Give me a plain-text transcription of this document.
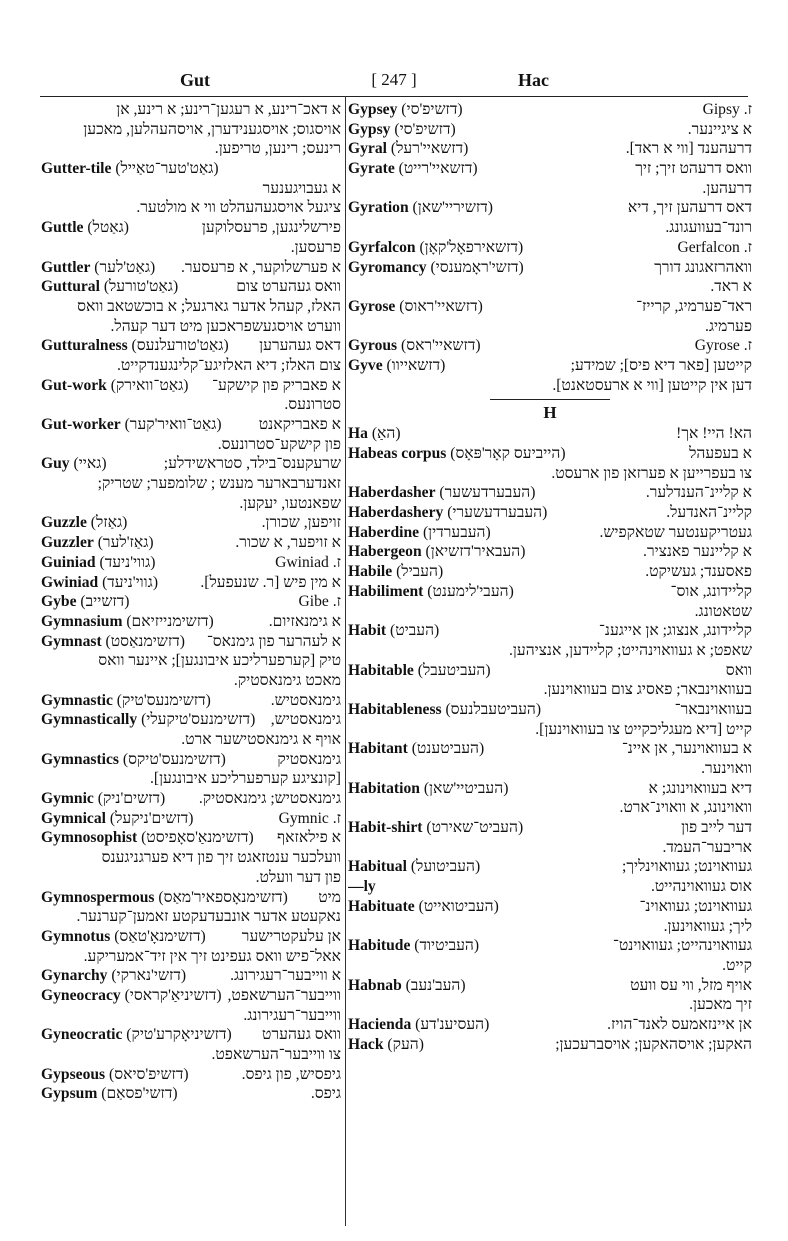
Gut	[ 247 ]	Hac
א דאכ־רינע, א רעגען־רינע; א רינע, אן
אויסגוס; אויסגענידערן, אויסהעהלען, מאכען
רינעס; רינען, טריפען.
Gutter-tile (גאַט'טער־טאַייל)
א געבויגענער
ציגעל אויסגעהעהלט ווי א מולטער.
Guttle (גאַטל)	פירשלינגען, פרעסלוקען
פרעסען.
Guttler (גאַט'לער) א פערשלוקער, א פרעסער.
Guttural (גאַט'טורעל)	וואס געהערט צום
האלז, קעהל אדער גארגעל; א בוכשטאב וואס
ווערט אויסגעשפראכען מיט דער קעהל.
Gutturalness (גאַט'טורעלנעס) דאס געהערען
צום האלז; דיא האלזיגע־קלינגענדקייט.
Gut-work (גאַט־וואירק) א פאבריק פון קישקע־
סטרונעס.
Gut-worker (גאַט־וואיר'קער) א פאבריקאנט
פון קישקע־סטרונעס.
Guy (גאיי)	שרעקענס־בילד, סטראשידלע;
זאנדערבארער מענש ; שלומפער; שטריק;
שפאנטעו, יעקען.
Guzzle (גאַזל)	זויפען, שכורן.
Guzzler (גאַז'לער)	א זויפער, א שכור.
Guiniad (גווי'ניעד)	ז. Gwiniad
Gwiniad (גווי'ניעד)	א מין פיש [ר. שנעפעל].
Gybe (דזשייב)	ז. Gibe
Gymnasium (דזשימנייזיאם)	א גימנאזיום.
Gymnast (דזשימנאַסט) א לעהרער פון גימנאס־
טיק [קערפערליכע איבונגען]; איינער וואס
מאכט גימנאסטיק.
Gymnastic (דזשימנעס'טיק)	גימנאסטיש.
Gymnastically (דזשימנעס'טיקעלי) גימנאסטיש,
אויף א גימנאסטישער ארט.
Gymnastics (דזשימנעס'טיקס)	גימנאסטיק
[קונציגע קערפערליכע איבונגען].
Gymnic (דזשים'ניק) גימנאסטיש; גימנאסטיק.
Gymnical (דזשים'ניקעל)	ז. Gymnic
Gymnosophist (דזשימנאַ'סאָפיסט) א פילאזאף
וועלכער ענטזאגט זיך פון דיא פערגניגענס
פון דער וועלט.
Gymnospermous (דזשימנאָספאיר'מאַס) מיט
נאקעטע אדער אונבעדעקטע זאמען־קערנער.
Gymnotus (דזשימנאָ'טאַס) אן עלעקטרישער
אאל־פיש וואס געפינט זיך אין זיד־אמעריקע.
Gynarchy (דזשי'נארקי)	א ווייבער־רעגירונג.
Gyneocracy (דזשיניאַ'קראסי) ווייבער־הערשאפט,
ווייבער־רעגירונג.
Gyneocratic (דזשיניאָקרע'טיק) וואס געהערט
צו ווייבער־הערשאפט.
Gypseous (דזשיפ'סיאס)	גיפסיש, פון גיפס.
Gypsum (דזשי'פסאַם)	גיפס.
Gypsey (דזשיפ'סי)	ז. Gipsy
Gypsy (דזשיפ'סי)	א ציגיינער.
Gyral (דזשאיי'רעל)	דרעהענד [ווי א ראד].
Gyrate (דזשאיי'רייט)	וואס דרעהט זיך; זיך
דרעהען.
Gyration (דזשיריי'שאן)	דאס דרעהען זיך, דיא
רונד־בעוועגונג.
Gyrfalcon (דזשאירפאָל'קאָן)	ז. Gerfalcon
Gyromancy (דזשי'ראָמענסי)	וואהרזאגונג דורך
א ראד.
Gyrose (דזשאיי'ראוס)	ראד־פערמיג, קרייז־
פערמיג.
Gyrous (דזשאיי'ראס)	ז. Gyrose
Gyve (דזשאייוו)	קייטען [פאר דיא פיס]; שמידע;
דען אין קייטען [ווי א ארעסטאנט].
H
Ha (האַ)	הא! היי! אך!
Habeas corpus (הייביעס קאָר'פּאָס)	א בעפעהל
צו בעפרייען א פערזאן פון ארעסט.
Haberdasher (העבערדעשער)	א קליינ־הענדלער.
Haberdashery (העבערדעשערי)	קליינ־האנדעל.
Haberdine (העבערדין)	געטריקענטער שטאקפיש.
Habergeon (העבאיר'דזשיאן)	א קליינער פאנציר.
Habile (העביל)	פאסענד; געשיקט.
Habiliment (העבי'לימענט)	קליידונג, אוס־
שטאטונג.
Habit (העביט)	קליידונג, אנצוג; אן אייגענ־
שאפט; א געוואוינהייט; קליידען, אנציהען.
Habitable (העביטעבל)	וואס
בעוואוינבאר; פאסיג צום בעוואוינען.
Habitableness (העביטעבלנעס)	בעוואוינבאר־
קייט [דיא מעגליכקייט צו בעוואוינען].
Habitant (העביטענט)	א בעוואוינער, אן איינ־
וואוינער.
Habitation (העביטיי'שאן)	דיא בעוואוינונג; א
וואוינונג, א וואוינ־ארט.
Habit-shirt (העביט־שאירט)	דער לייב פון
אריבער־העמד.
Habitual (העביטועל)	געוואוינט; געוואוינליך;
—ly	אוס געוואוינהייט.
Habituate (העביטואייט)	געוואוינט; געוואוינ־
ליך; געוואוינען.
Habitude (העביטיוד)	געוואוינהייט; געוואוינט־
קייט.
Habnab (העב'נעב)	אויף מזל, ווי עס וועט
זיך מאכען.
Hacienda (העסיענ'דע)	אן איינזאמעס לאנד־הויז.
Hack (העק)	האקען; אויסהאקען; אויסברעכען;
